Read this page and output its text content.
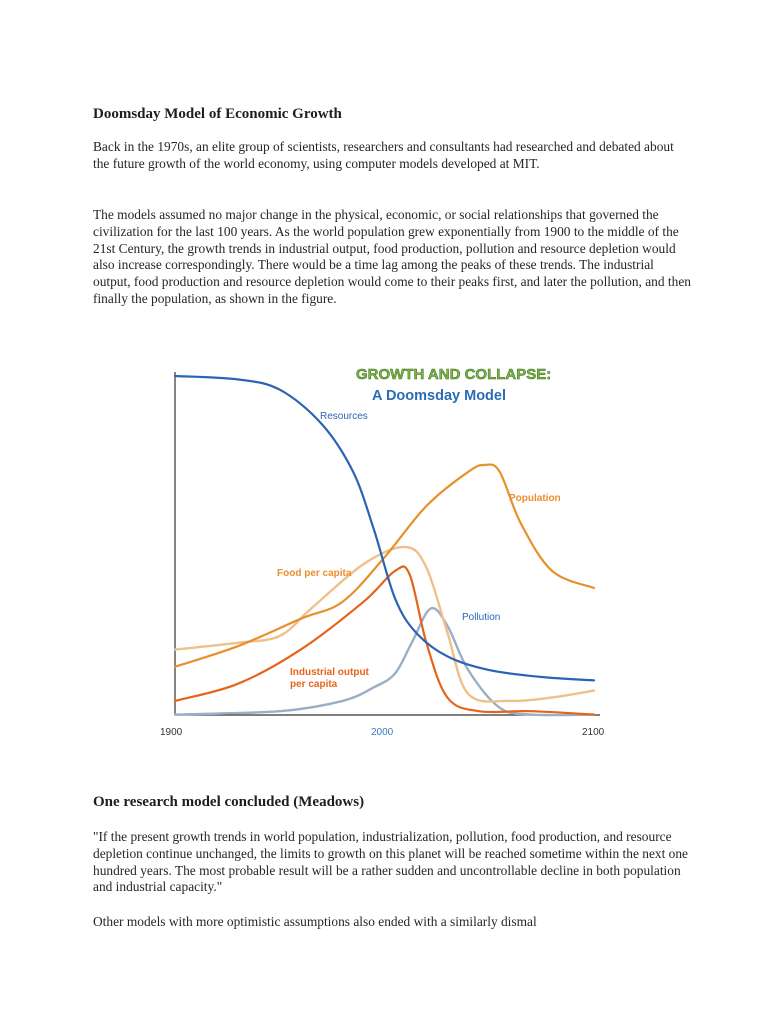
Doomsday Model of Economic Growth

Back in the 1970s, an elite group of scientists, researchers and consultants had researched and debated about the future growth of the world economy, using computer models developed at MIT.

The models assumed no major change in the physical, economic, or social relationships that governed the civilization for the last 100 years. As the world population grew exponentially from 1900 to the middle of the 21st Century, the growth trends in industrial output, food production, pollution and resource depletion would also increase correspondingly. There would be a time lag among the peaks of these trends. The industrial output, food production and resource depletion would come to their peaks first, and later the pollution, and then finally the population, as shown in the figure.

GROWTH AND COLLAPSE:
A Doomsday Model
1900	2000	2100
Resources
Population
Food per capita
Pollution
Industrial output per capita
One research model concluded (Meadows)

"If the present growth trends in world population, industrialization, pollution, food production, and resource depletion continue unchanged, the limits to growth on this planet will be reached sometime within the next one hundred years. The most probable result will be a rather sudden and uncontrollable decline in both population and industrial capacity."

Other models with more optimistic assumptions also ended with a similarly dismal
